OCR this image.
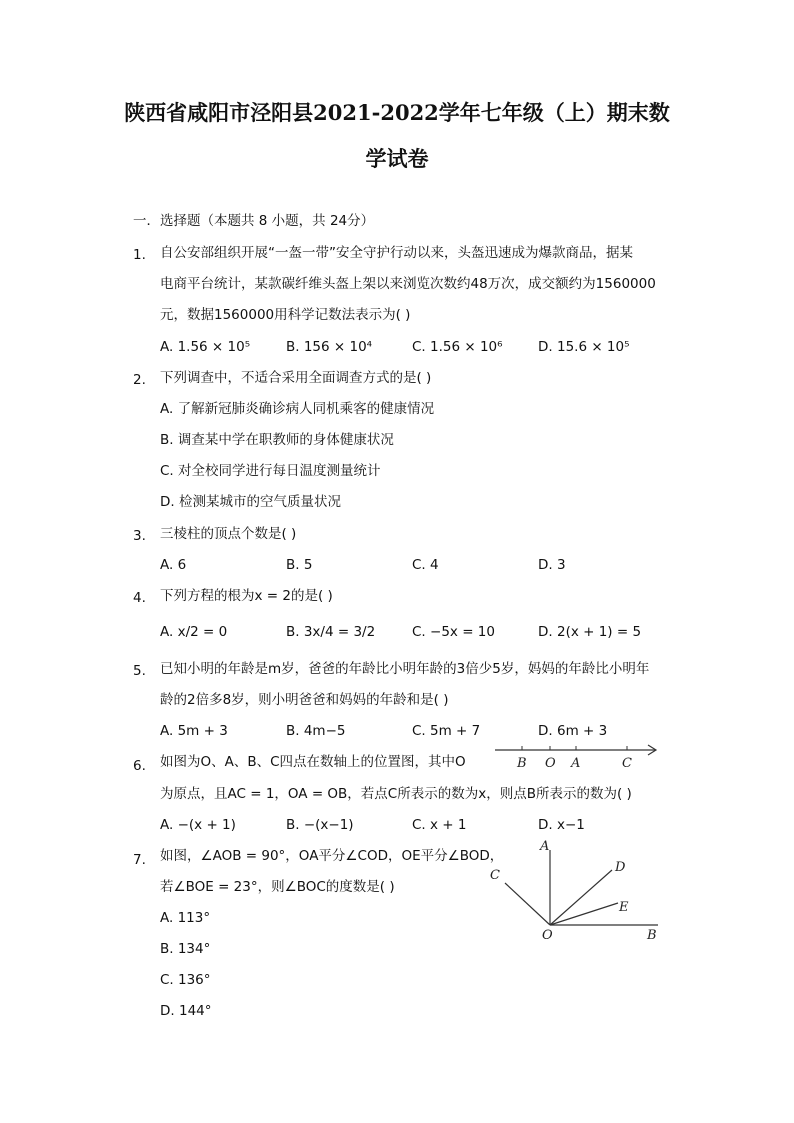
陕西省咸阳市泾阳县2021-2022学年七年级（上）期末数
学试卷
一．选择题（本题共 8 小题，共 24分）
1. 自公安部组织开展“一盔一带”安全守护行动以来，头盔迅速成为爆款商品，据某
电商平台统计，某款碳纤维头盔上架以来浏览次数约48万次，成交额约为1560000
元，数据1560000用科学记数法表示为( )
A. 1.56 × 10⁵	B. 156 × 10⁴	C. 1.56 × 10⁶	D. 15.6 × 10⁵
2. 下列调查中，不适合采用全面调查方式的是( )
A. 了解新冠肺炎确诊病人同机乘客的健康情况
B. 调查某中学在职教师的身体健康状况
C. 对全校同学进行每日温度测量统计
D. 检测某城市的空气质量状况
3. 三棱柱的顶点个数是( )
A. 6	B. 5	C. 4	D. 3
4. 下列方程的根为x = 2的是( )
A. x/2 = 0	B. 3x/4 = 3/2	C. −5x = 10	D. 2(x + 1) = 5
5. 已知小明的年龄是m岁，爸爸的年龄比小明年龄的3倍少5岁，妈妈的年龄比小明年
龄的2倍多8岁，则小明爸爸和妈妈的年龄和是( )
A. 5m + 3	B. 4m−5	C. 5m + 7	D. 6m + 3
6. 如图为O、A、B、C四点在数轴上的位置图，其中O
为原点，且AC = 1，OA = OB，若点C所表示的数为x，则点B所表示的数为( )
A. −(x + 1)	B. −(x−1)	C. x + 1	D. x−1
B O A	C
7. 如图，∠AOB = 90°，OA平分∠COD，OE平分∠BOD，
若∠BOE = 23°，则∠BOC的度数是( )
A. 113°
B. 134°
C. 136°
D. 144°
A
C
D
E
O	B
